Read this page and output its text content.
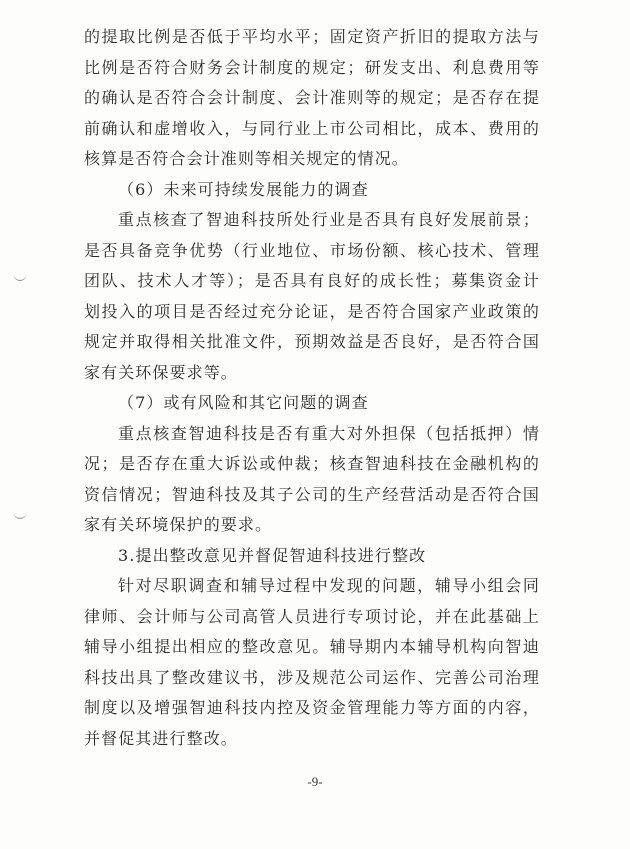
的提取比例是否低于平均水平；固定资产折旧的提取方法与
比例是否符合财务会计制度的规定；研发支出、利息费用等
的确认是否符合会计制度、会计准则等的规定；是否存在提
前确认和虚增收入，与同行业上市公司相比，成本、费用的
核算是否符合会计准则等相关规定的情况。
（6）未来可持续发展能力的调查
重点核查了智迪科技所处行业是否具有良好发展前景；
是否具备竞争优势（行业地位、市场份额、核心技术、管理
团队、技术人才等）；是否具有良好的成长性；募集资金计
划投入的项目是否经过充分论证，是否符合国家产业政策的
规定并取得相关批准文件，预期效益是否良好，是否符合国
家有关环保要求等。
（7）或有风险和其它问题的调查
重点核查智迪科技是否有重大对外担保（包括抵押）情
况；是否存在重大诉讼或仲裁；核查智迪科技在金融机构的
资信情况；智迪科技及其子公司的生产经营活动是否符合国
家有关环境保护的要求。
3.提出整改意见并督促智迪科技进行整改
针对尽职调查和辅导过程中发现的问题，辅导小组会同
律师、会计师与公司高管人员进行专项讨论，并在此基础上
辅导小组提出相应的整改意见。辅导期内本辅导机构向智迪
科技出具了整改建议书，涉及规范公司运作、完善公司治理
制度以及增强智迪科技内控及资金管理能力等方面的内容，
并督促其进行整改。
-9-
